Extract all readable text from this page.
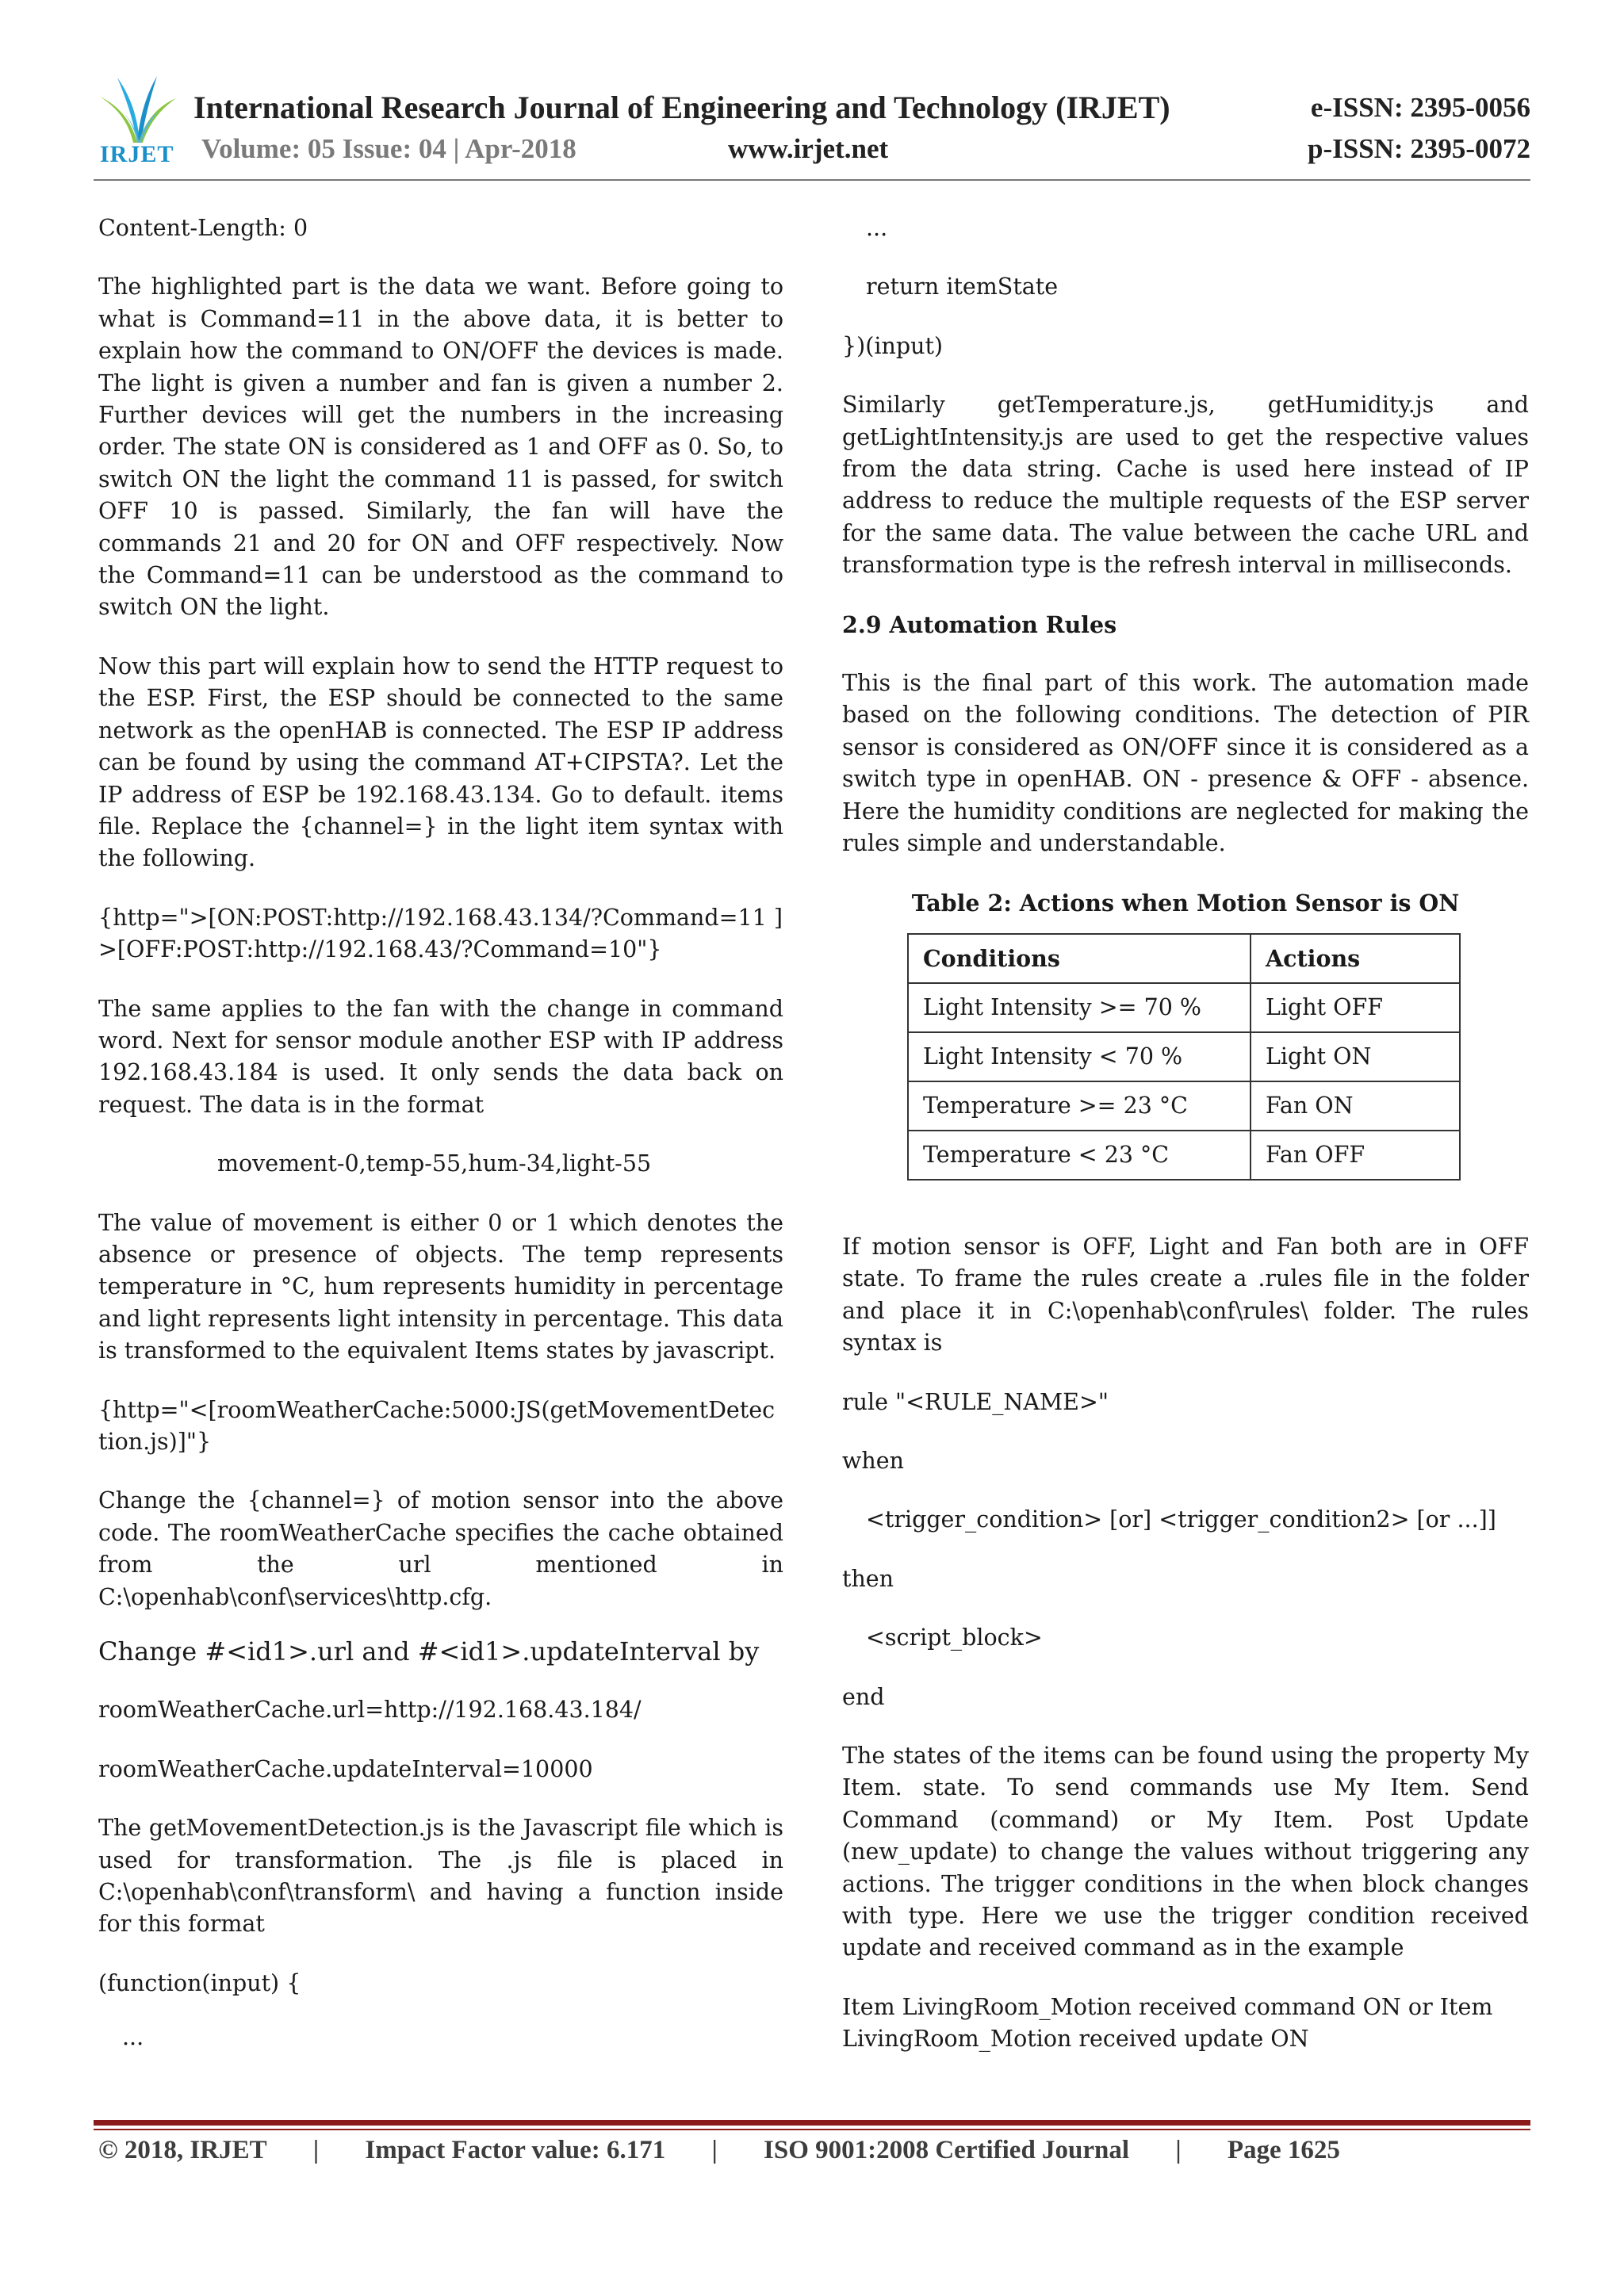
IRJET
International Research Journal of Engineering and Technology (IRJET)	e-ISSN: 2395-0056
Volume: 05 Issue: 04 | Apr-2018	www.irjet.net	p-ISSN: 2395-0072

Content-Length: 0

The highlighted part is the data we want. Before going to what is Command=11 in the above data, it is better to explain how the command to ON/OFF the devices is made. The light is given a number and fan is given a number 2. Further devices will get the numbers in the increasing order. The state ON is considered as 1 and OFF as 0. So, to switch ON the light the command 11 is passed, for switch OFF 10 is passed. Similarly, the fan will have the commands 21 and 20 for ON and OFF respectively. Now the Command=11 can be understood as the command to switch ON the light.

Now this part will explain how to send the HTTP request to the ESP. First, the ESP should be connected to the same network as the openHAB is connected. The ESP IP address can be found by using the command AT+CIPSTA?. Let the IP address of ESP be 192.168.43.134. Go to default. items file. Replace the {channel=} in the light item syntax with the following.

{http=">[ON:POST:http://192.168.43.134/?Command=11 ] >[OFF:POST:http://192.168.43/?Command=10"}

The same applies to the fan with the change in command word. Next for sensor module another ESP with IP address 192.168.43.184 is used. It only sends the data back on request. The data is in the format

movement-0,temp-55,hum-34,light-55

The value of movement is either 0 or 1 which denotes the absence or presence of objects. The temp represents temperature in °C, hum represents humidity in percentage and light represents light intensity in percentage. This data is transformed to the equivalent Items states by javascript.

{http="<[roomWeatherCache:5000:JS(getMovementDetection.js)]"}

Change the {channel=} of motion sensor into the above code. The roomWeatherCache specifies the cache obtained from the url mentioned in C:\openhab\conf\services\http.cfg.

Change #<id1>.url and #<id1>.updateInterval by

roomWeatherCache.url=http://192.168.43.184/

roomWeatherCache.updateInterval=10000

The getMovementDetection.js is the Javascript file which is used for transformation. The .js file is placed in C:\openhab\conf\transform\ and having a function inside for this format

(function(input) {

...

...

return itemState

})(input)

Similarly getTemperature.js, getHumidity.js and getLightIntensity.js are used to get the respective values from the data string. Cache is used here instead of IP address to reduce the multiple requests of the ESP server for the same data. The value between the cache URL and transformation type is the refresh interval in milliseconds.

2.9 Automation Rules

This is the final part of this work. The automation made based on the following conditions. The detection of PIR sensor is considered as ON/OFF since it is considered as a switch type in openHAB. ON - presence & OFF - absence. Here the humidity conditions are neglected for making the rules simple and understandable.

Table 2: Actions when Motion Sensor is ON

Conditions	Actions
Light Intensity >= 70 %	Light OFF
Light Intensity < 70 %	Light ON
Temperature >= 23 °C	Fan ON
Temperature < 23 °C	Fan OFF

If motion sensor is OFF, Light and Fan both are in OFF state. To frame the rules create a .rules file in the folder and place it in C:\openhab\conf\rules\ folder. The rules syntax is

rule "<RULE_NAME>"

when

<trigger_condition> [or] <trigger_condition2> [or ...]]

then

<script_block>

end

The states of the items can be found using the property My Item. state. To send commands use My Item. Send Command (command) or My Item. Post Update (new_update) to change the values without triggering any actions. The trigger conditions in the when block changes with type. Here we use the trigger condition received update and received command as in the example

Item LivingRoom_Motion received command ON or Item LivingRoom_Motion received update ON

© 2018, IRJET | Impact Factor value: 6.171 | ISO 9001:2008 Certified Journal | Page 1625
